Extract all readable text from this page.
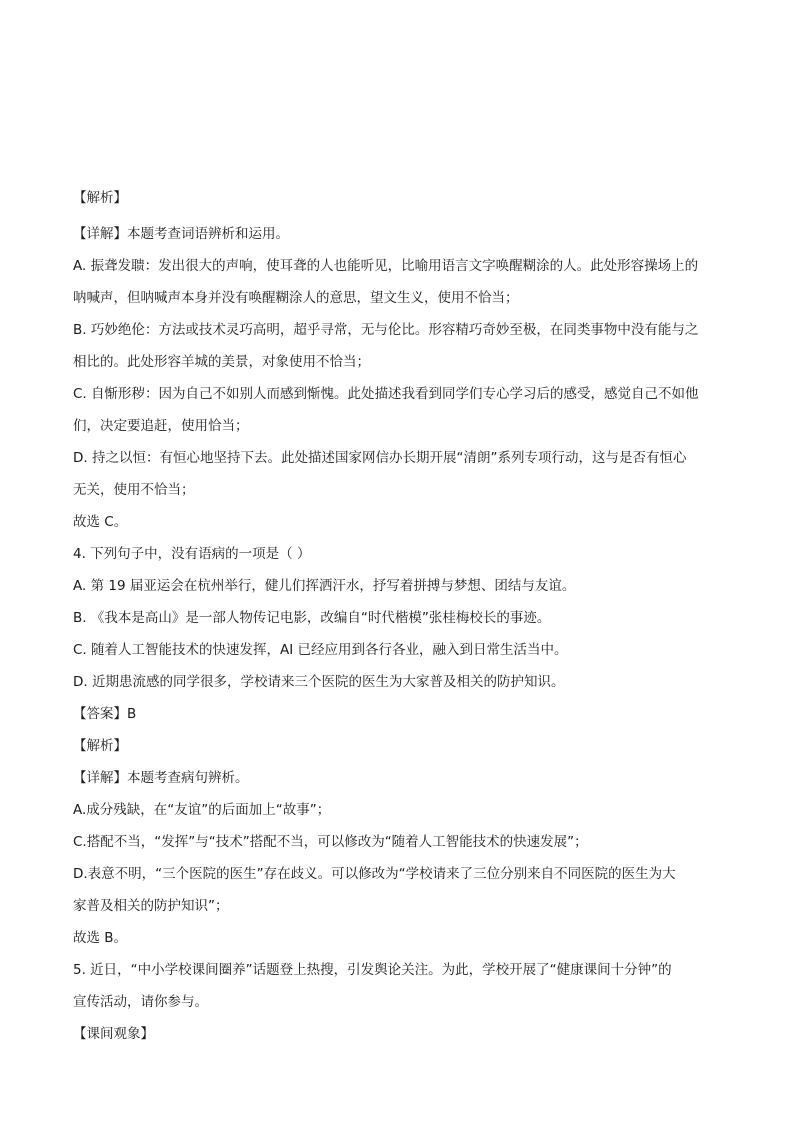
【解析】
【详解】本题考查词语辨析和运用。
A. 振聋发聩：发出很大的声响，使耳聋的人也能听见，比喻用语言文字唤醒糊涂的人。此处形容操场上的
呐喊声，但呐喊声本身并没有唤醒糊涂人的意思，望文生义，使用不恰当；
B. 巧妙绝伦：方法或技术灵巧高明，超乎寻常，无与伦比。形容精巧奇妙至极，在同类事物中没有能与之
相比的。此处形容羊城的美景，对象使用不恰当；
C. 自惭形秽：因为自己不如别人而感到惭愧。此处描述我看到同学们专心学习后的感受，感觉自己不如他
们，决定要追赶，使用恰当；
D. 持之以恒：有恒心地坚持下去。此处描述国家网信办长期开展“清朗”系列专项行动，这与是否有恒心
无关，使用不恰当；
故选 C。
4. 下列句子中，没有语病的一项是（ ）
A. 第 19 届亚运会在杭州举行，健儿们挥洒汗水，抒写着拼搏与梦想、团结与友谊。
B. 《我本是高山》是一部人物传记电影，改编自“时代楷模”张桂梅校长的事迹。
C. 随着人工智能技术的快速发挥，AI 已经应用到各行各业，融入到日常生活当中。
D. 近期患流感的同学很多，学校请来三个医院的医生为大家普及相关的防护知识。
【答案】B
【解析】
【详解】本题考查病句辨析。
A.成分残缺，在“友谊”的后面加上“故事”；
C.搭配不当，“发挥”与“技术”搭配不当，可以修改为“随着人工智能技术的快速发展”；
D.表意不明，“三个医院的医生”存在歧义。可以修改为“学校请来了三位分别来自不同医院的医生为大
家普及相关的防护知识”；
故选 B。
5. 近日，“中小学校课间圈养”话题登上热搜，引发舆论关注。为此，学校开展了“健康课间十分钟”的
宣传活动，请你参与。
【课间观象】
